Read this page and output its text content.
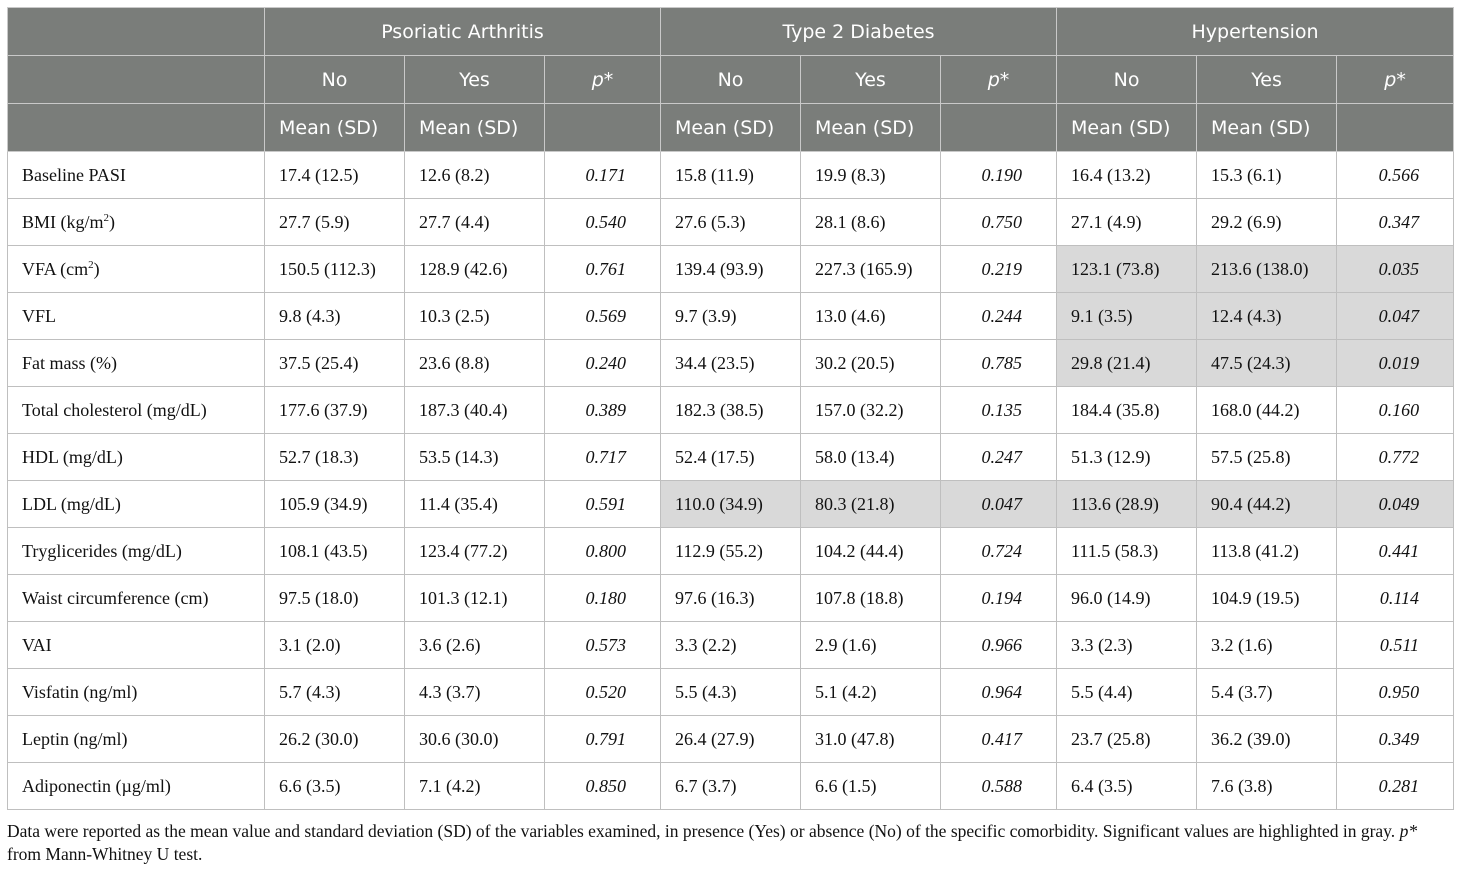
	Psoriatic Arthritis			Type 2 Diabetes			Hypertension		
	No	Yes	p*	No	Yes	p*	No	Yes	p*
	Mean (SD)	Mean (SD)		Mean (SD)	Mean (SD)		Mean (SD)	Mean (SD)	
Baseline PASI	17.4 (12.5)	12.6 (8.2)	0.171	15.8 (11.9)	19.9 (8.3)	0.190	16.4 (13.2)	15.3 (6.1)	0.566
BMI $(kg/m^2)$	27.7 (5.9)	27.7 (4.4)	0.540	27.6 (5.3)	28.1 (8.6)	0.750	27.1 (4.9)	29.2 (6.9)	0.347
VFA $(cm^2)$	150.5 (112.3)	128.9 (42.6)	0.761	139.4 (93.9)	227.3 (165.9)	0.219	123.1 (73.8)	213.6 (138.0)	0.035
VFL	9.8 (4.3)	10.3 (2.5)	0.569	9.7 (3.9)	13.0 (4.6)	0.244	9.1 (3.5)	12.4 (4.3)	0.047
Fat mass (%)	37.5 (25.4)	23.6 (8.8)	0.240	34.4 (23.5)	30.2 (20.5)	0.785	29.8 (21.4)	47.5 (24.3)	0.019
Total cholesterol (mg/dL)	177.6 (37.9)	187.3 (40.4)	0.389	182.3 (38.5)	157.0 (32.2)	0.135	184.4 (35.8)	168.0 (44.2)	0.160
HDL (mg/dL)	52.7 (18.3)	53.5 (14.3)	0.717	52.4 (17.5)	58.0 (13.4)	0.247	51.3 (12.9)	57.5 (25.8)	0.772
LDL (mg/dL)	105.9 (34.9)	11.4 (35.4)	0.591	110.0 (34.9)	80.3 (21.8)	0.047	113.6 (28.9)	90.4 (44.2)	0.049
Tryglicerides (mg/dL)	108.1 (43.5)	123.4 (77.2)	0.800	112.9 (55.2)	104.2 (44.4)	0.724	111.5 (58.3)	113.8 (41.2)	0.441
Waist circumference (cm)	97.5 (18.0)	101.3 (12.1)	0.180	97.6 (16.3)	107.8 (18.8)	0.194	96.0 (14.9)	104.9 (19.5)	0.114
VAI	3.1 (2.0)	3.6 (2.6)	0.573	3.3 (2.2)	2.9 (1.6)	0.966	3.3 (2.3)	3.2 (1.6)	0.511
Visfatin (ng/ml)	5.7 (4.3)	4.3 (3.7)	0.520	5.5 (4.3)	5.1 (4.2)	0.964	5.5 (4.4)	5.4 (3.7)	0.950
Leptin (ng/ml)	26.2 (30.0)	30.6 (30.0)	0.791	26.4 (27.9)	31.0 (47.8)	0.417	23.7 (25.8)	36.2 (39.0)	0.349
Adiponectin (µg/ml)	6.6 (3.5)	7.1 (4.2)	0.850	6.7 (3.7)	6.6 (1.5)	0.588	6.4 (3.5)	7.6 (3.8)	0.281
Data were reported as the mean value and standard deviation (SD) of the variables examined, in presence (Yes) or absence (No) of the specific comorbidity. Significant values are highlighted in gray. p* from Mann-Whitney U test.
